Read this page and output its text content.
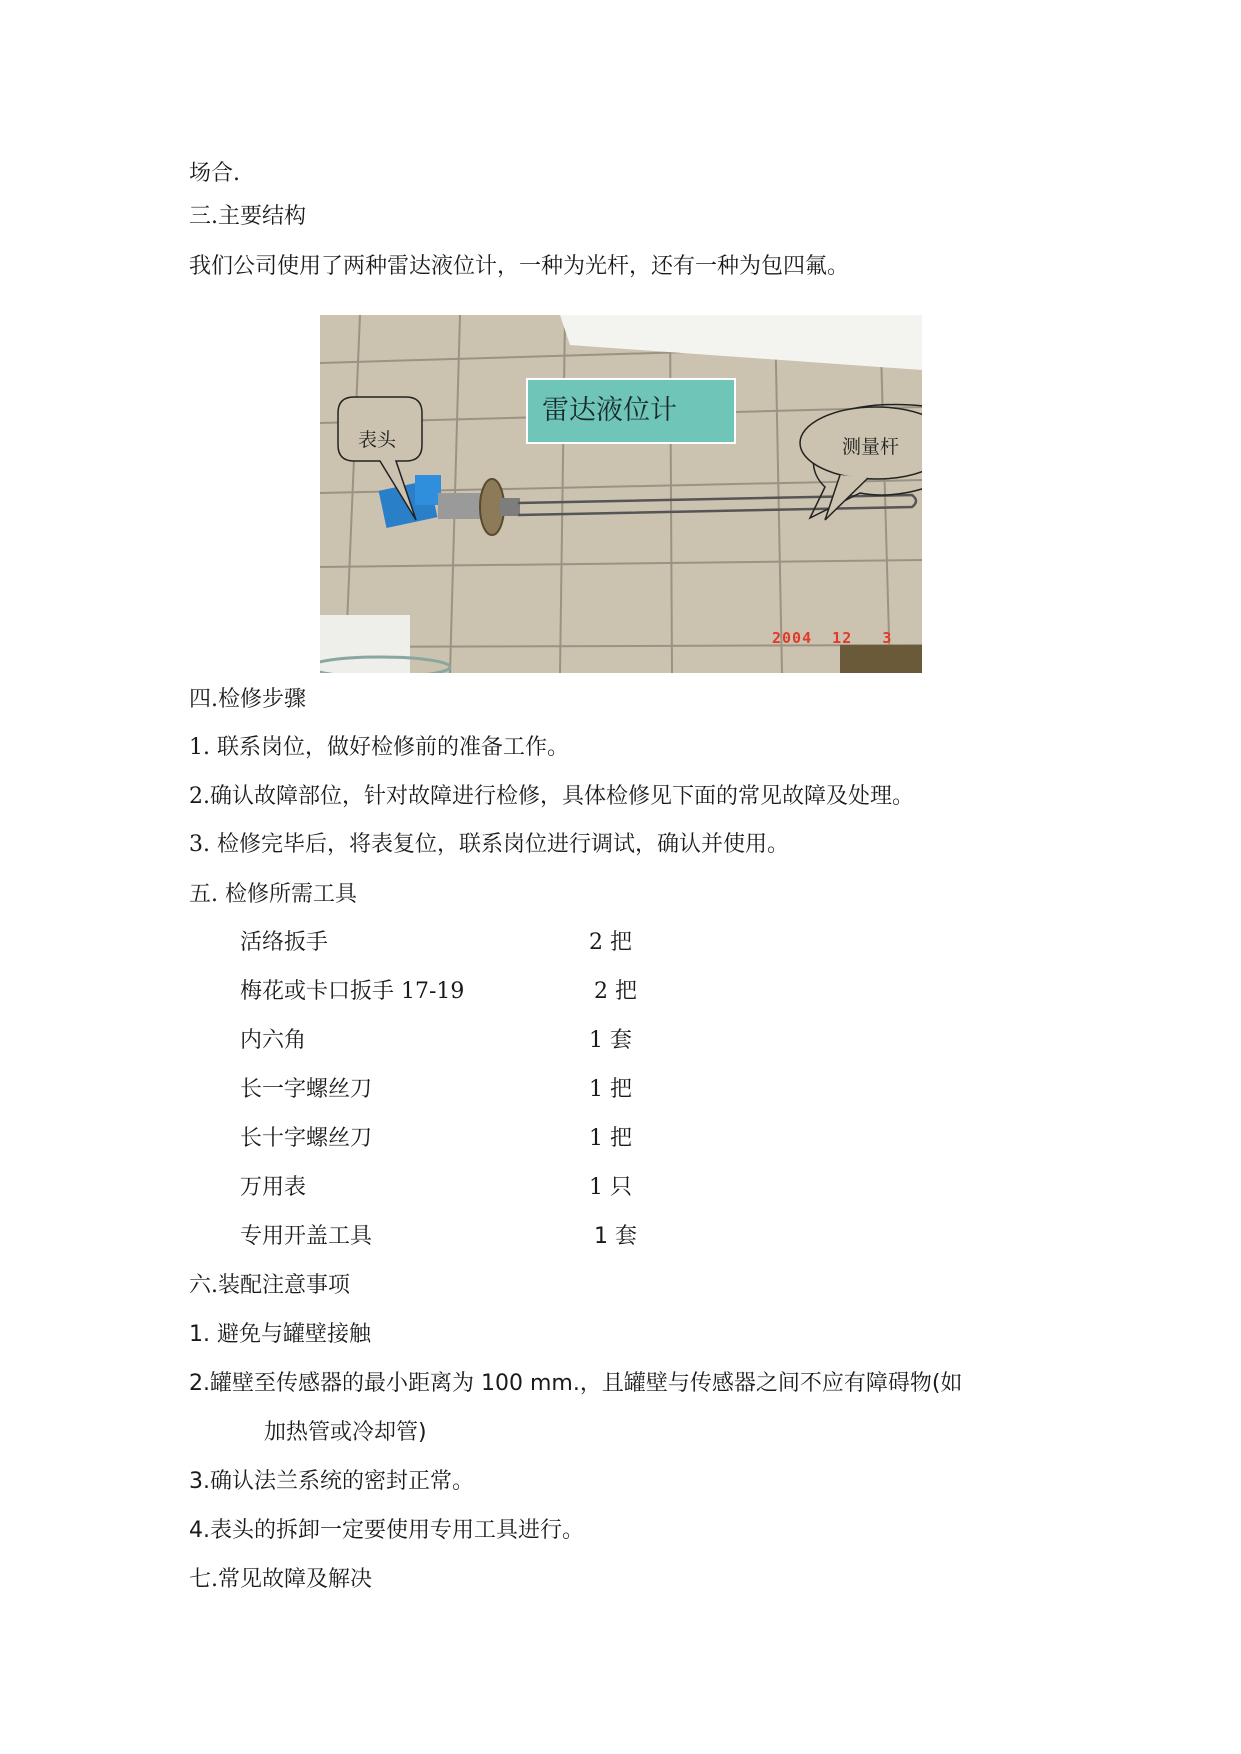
场合.
三.主要结构
我们公司使用了两种雷达液位计，一种为光杆，还有一种为包四氟。
雷达液位计
表头	测量杆
2004  12   3
四.检修步骤
1. 联系岗位，做好检修前的准备工作。
2.确认故障部位，针对故障进行检修，具体检修见下面的常见故障及处理。
3. 检修完毕后，将表复位，联系岗位进行调试，确认并使用。
五. 检修所需工具
活络扳手	2 把
梅花或卡口扳手 17-19	2 把
内六角	1 套
长一字螺丝刀	1 把
长十字螺丝刀	1 把
万用表	1 只
专用开盖工具	1 套
六.装配注意事项
1. 避免与罐壁接触
2.罐壁至传感器的最小距离为 100 mm.，且罐壁与传感器之间不应有障碍物(如
加热管或冷却管)
3.确认法兰系统的密封正常。
4.表头的拆卸一定要使用专用工具进行。
七.常见故障及解决
